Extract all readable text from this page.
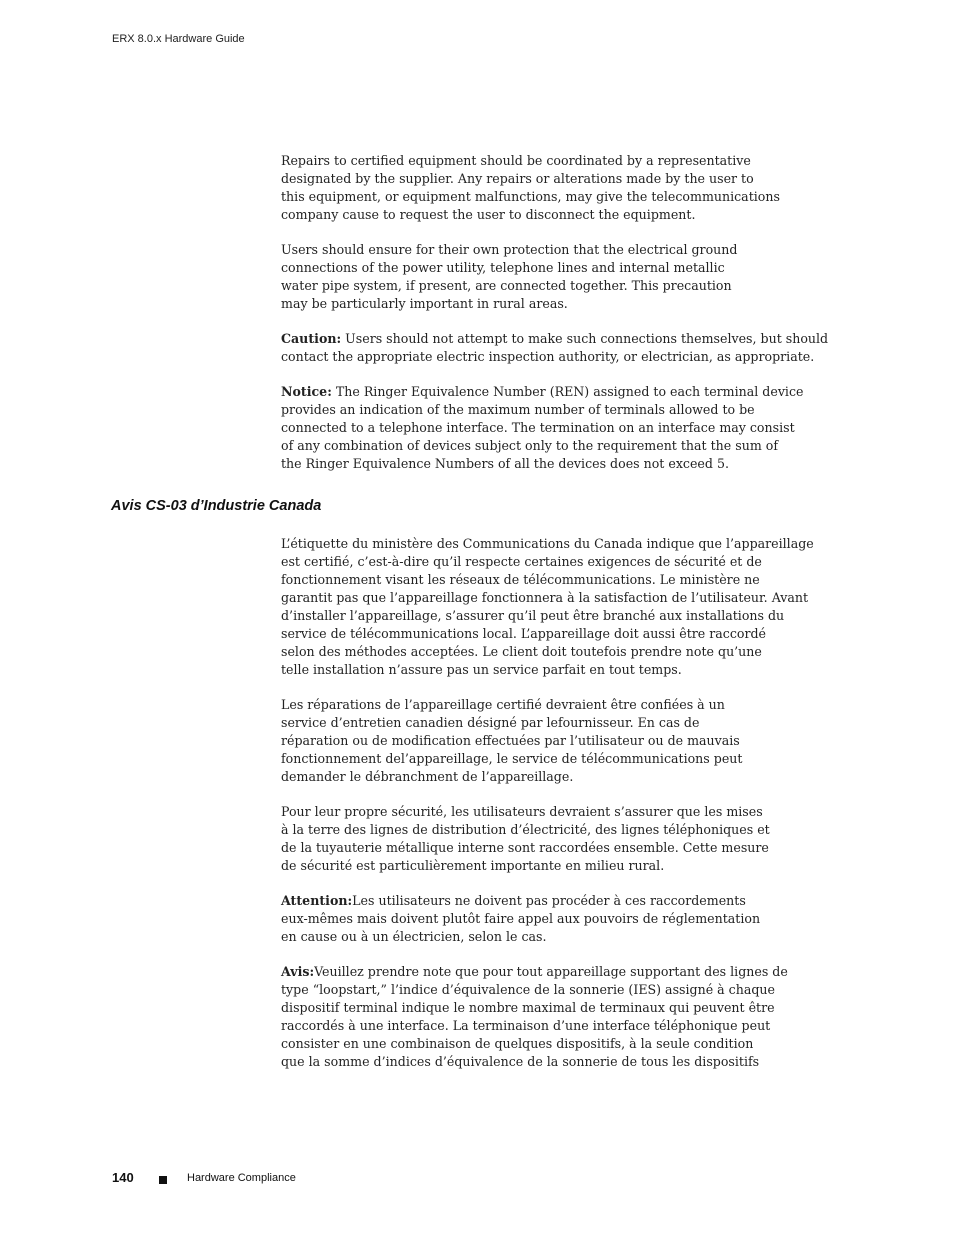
ERX 8.0.x Hardware Guide
Repairs to certified equipment should be coordinated by a representative
designated by the supplier. Any repairs or alterations made by the user to
this equipment, or equipment malfunctions, may give the telecommunications
company cause to request the user to disconnect the equipment.
Users should ensure for their own protection that the electrical ground
connections of the power utility, telephone lines and internal metallic
water pipe system, if present, are connected together. This precaution
may be particularly important in rural areas.
Caution: Users should not attempt to make such connections themselves, but should
contact the appropriate electric inspection authority, or electrician, as appropriate.
Notice: The Ringer Equivalence Number (REN) assigned to each terminal device
provides an indication of the maximum number of terminals allowed to be
connected to a telephone interface. The termination on an interface may consist
of any combination of devices subject only to the requirement that the sum of
the Ringer Equivalence Numbers of all the devices does not exceed 5.
Avis CS-03 d’Industrie Canada
L’étiquette du ministère des Communications du Canada indique que l’appareillage
est certifié, c’est-à-dire qu’il respecte certaines exigences de sécurité et de
fonctionnement visant les réseaux de télécommunications. Le ministère ne
garantit pas que l’appareillage fonctionnera à la satisfaction de l’utilisateur. Avant
d’installer l’appareillage, s’assurer qu’il peut être branché aux installations du
service de télécommunications local. L’appareillage doit aussi être raccordé
selon des méthodes acceptées. Le client doit toutefois prendre note qu’une
telle installation n’assure pas un service parfait en tout temps.
Les réparations de l’appareillage certifié devraient être confiées à un
service d’entretien canadien désigné par lefournisseur. En cas de
réparation ou de modification effectuées par l’utilisateur ou de mauvais
fonctionnement del’appareillage, le service de télécommunications peut
demander le débranchment de l’appareillage.
Pour leur propre sécurité, les utilisateurs devraient s’assurer que les mises
à la terre des lignes de distribution d’électricité, des lignes téléphoniques et
de la tuyauterie métallique interne sont raccordées ensemble. Cette mesure
de sécurité est particulièrement importante en milieu rural.
Attention:Les utilisateurs ne doivent pas procéder à ces raccordements
eux-mêmes mais doivent plutôt faire appel aux pouvoirs de réglementation
en cause ou à un électricien, selon le cas.
Avis:Veuillez prendre note que pour tout appareillage supportant des lignes de
type “loopstart,” l’indice d’équivalence de la sonnerie (IES) assigné à chaque
dispositif terminal indique le nombre maximal de terminaux qui peuvent être
raccordés à une interface. La terminaison d’une interface téléphonique peut
consister en une combinaison de quelques dispositifs, à la seule condition
que la somme d’indices d’équivalence de la sonnerie de tous les dispositifs
140	Hardware Compliance
